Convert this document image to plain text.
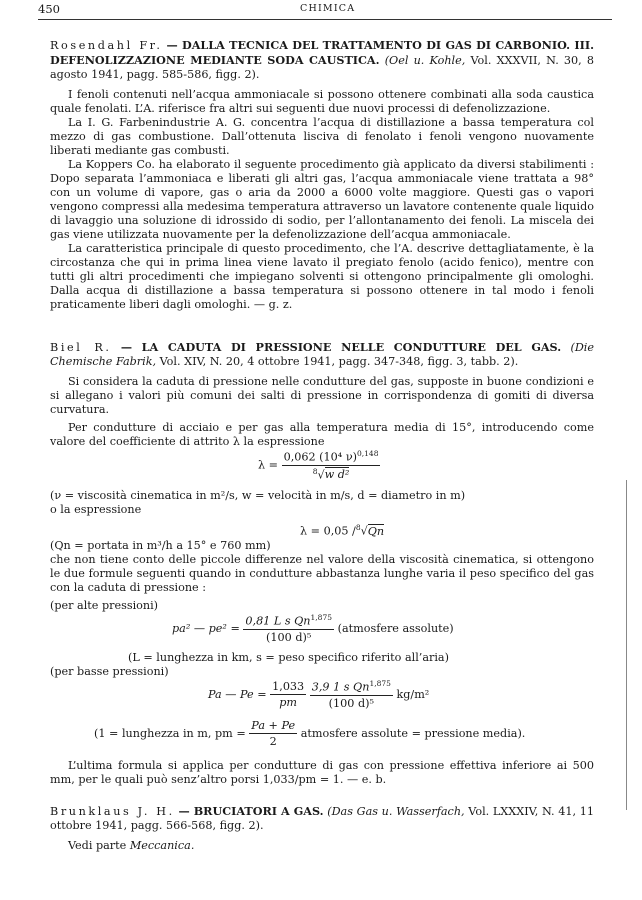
450	CHIMICA

Rosendahl Fr. — DALLA TECNICA DEL TRATTAMENTO DI GAS DI CARBONIO. III. DEFENOLIZZAZIONE MEDIANTE SODA CAUSTICA. (Oel u. Kohle, Vol. XXXVII, N. 30, 8 agosto 1941, pagg. 585-586, figg. 2).

I fenoli contenuti nell’acqua ammoniacale si possono ottenere combinati alla soda caustica quale fenolati. L’A. riferisce fra altri sui seguenti due nuovi processi di defenolizzazione.

La I. G. Farbenindustrie A. G. concentra l’acqua di distillazione a bassa temperatura col mezzo di gas combustione. Dall’ottenuta lisciva di fenolato i fenoli vengono nuovamente liberati mediante gas combusti.

La Koppers Co. ha elaborato il seguente procedimento già applicato da diversi stabilimenti : Dopo separata l’ammoniaca e liberati gli altri gas, l’acqua ammoniacale viene trattata a 98° con un volume di vapore, gas o aria da 2000 a 6000 volte maggiore. Questi gas o vapori vengono compressi alla medesima temperatura attraverso un lavatore contenente quale liquido di lavaggio una soluzione di idrossido di sodio, per l’allontanamento dei fenoli. La miscela dei gas viene utilizzata nuovamente per la defenolizzazione dell’acqua ammoniacale.

La caratteristica principale di questo procedimento, che l’A. descrive dettagliatamente, è la circostanza che qui in prima linea viene lavato il pregiato fenolo (acido fenico), mentre con tutti gli altri procedimenti che impiegano solventi si ottengono principalmente gli omologhi. Dalla acqua di distillazione a bassa temperatura si possono ottenere in tal modo i fenoli praticamente liberi dagli omologhi. — g. z.

Biel R. — LA CADUTA DI PRESSIONE NELLE CONDUTTURE DEL GAS. (Die Chemische Fabrik, Vol. XIV, N. 20, 4 ottobre 1941, pagg. 347-348, figg. 3, tabb. 2).

Si considera la caduta di pressione nelle condutture del gas, supposte in buone condizioni e si allegano i valori più comuni dei salti di pressione in corrispondenza di gomiti di diversa curvatura.

Per condutture di acciaio e per gas alla temperatura media di 15°, introducendo come valore del coefficiente di attrito λ la espressione

$\lambda = \frac{0,062 (10^4 \nu)^{0,148}}{^8√w d^2}$

(ν = viscosità cinematica in m²/s, w = velocità in m/s, d = diametro in m)

o la espressione

λ = 0,05 /$^8$√Qn

(Qn = portata in m³/h a 15° e 760 mm)

che non tiene conto delle piccole differenze nel valore della viscosità cinematica, si ottengono le due formule seguenti quando in condutture abbastanza lunghe varia il peso specifico del gas con la caduta di pressione :

(per alte pressioni)

pa² — $pe^2 = \frac{0,81 L s Qn^{1,875}}{\text{(100 d)⁵}}$ (atmosfere assolute)

(L = lunghezza in km, s = peso specifico riferito all’aria)

(per basse pressioni)

Pa — $Pe = \frac{1,033}{pm}$
$\frac{3,9 1 s Qn^{1,875}}{\text{(100 d)⁵}} kg/m^2$
(1 = lunghezza in m, pm = $\frac{Pa + Pe}{2}$ atmosfere assolute = pressione media).

L’ultima formula si applica per condutture di gas con pressione effettiva inferiore ai 500 mm, per le quali può senz’altro porsi 1,033/pm = 1. — e. b.

Brunklaus J. H. — BRUCIATORI A GAS. (Das Gas u. Wasserfach, Vol. LXXXIV, N. 41, 11 ottobre 1941, pagg. 566-568, figg. 2).

Vedi parte Meccanica.
